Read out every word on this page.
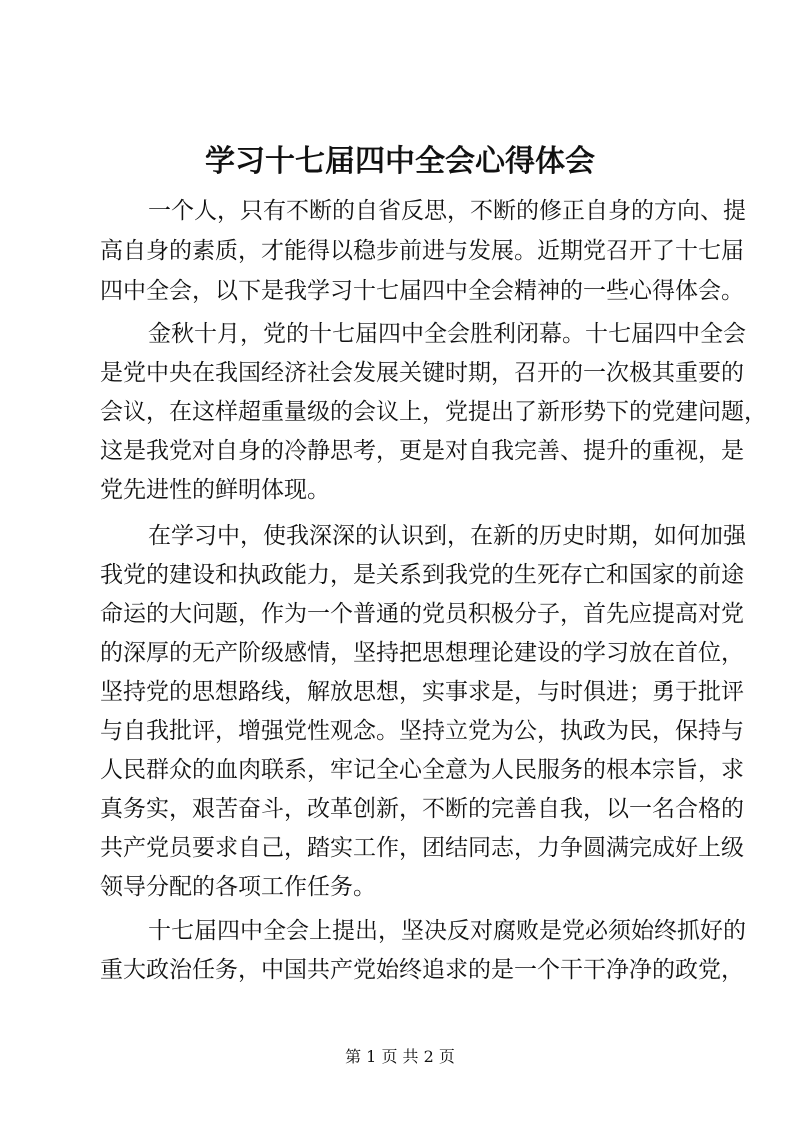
学习十七届四中全会心得体会
一个人，只有不断的自省反思，不断的修正自身的方向、提
高自身的素质，才能得以稳步前进与发展。近期党召开了十七届
四中全会，以下是我学习十七届四中全会精神的一些心得体会。
金秋十月，党的十七届四中全会胜利闭幕。十七届四中全会
是党中央在我国经济社会发展关键时期，召开的一次极其重要的
会议，在这样超重量级的会议上，党提出了新形势下的党建问题，
这是我党对自身的冷静思考，更是对自我完善、提升的重视，是
党先进性的鲜明体现。
在学习中，使我深深的认识到，在新的历史时期，如何加强
我党的建设和执政能力，是关系到我党的生死存亡和国家的前途
命运的大问题，作为一个普通的党员积极分子，首先应提高对党
的深厚的无产阶级感情，坚持把思想理论建设的学习放在首位，
坚持党的思想路线，解放思想，实事求是，与时俱进；勇于批评
与自我批评，增强党性观念。坚持立党为公，执政为民，保持与
人民群众的血肉联系，牢记全心全意为人民服务的根本宗旨，求
真务实，艰苦奋斗，改革创新，不断的完善自我，以一名合格的
共产党员要求自己，踏实工作，团结同志，力争圆满完成好上级
领导分配的各项工作任务。
十七届四中全会上提出，坚决反对腐败是党必须始终抓好的
重大政治任务，中国共产党始终追求的是一个干干净净的政党，
第 1 页 共 2 页
